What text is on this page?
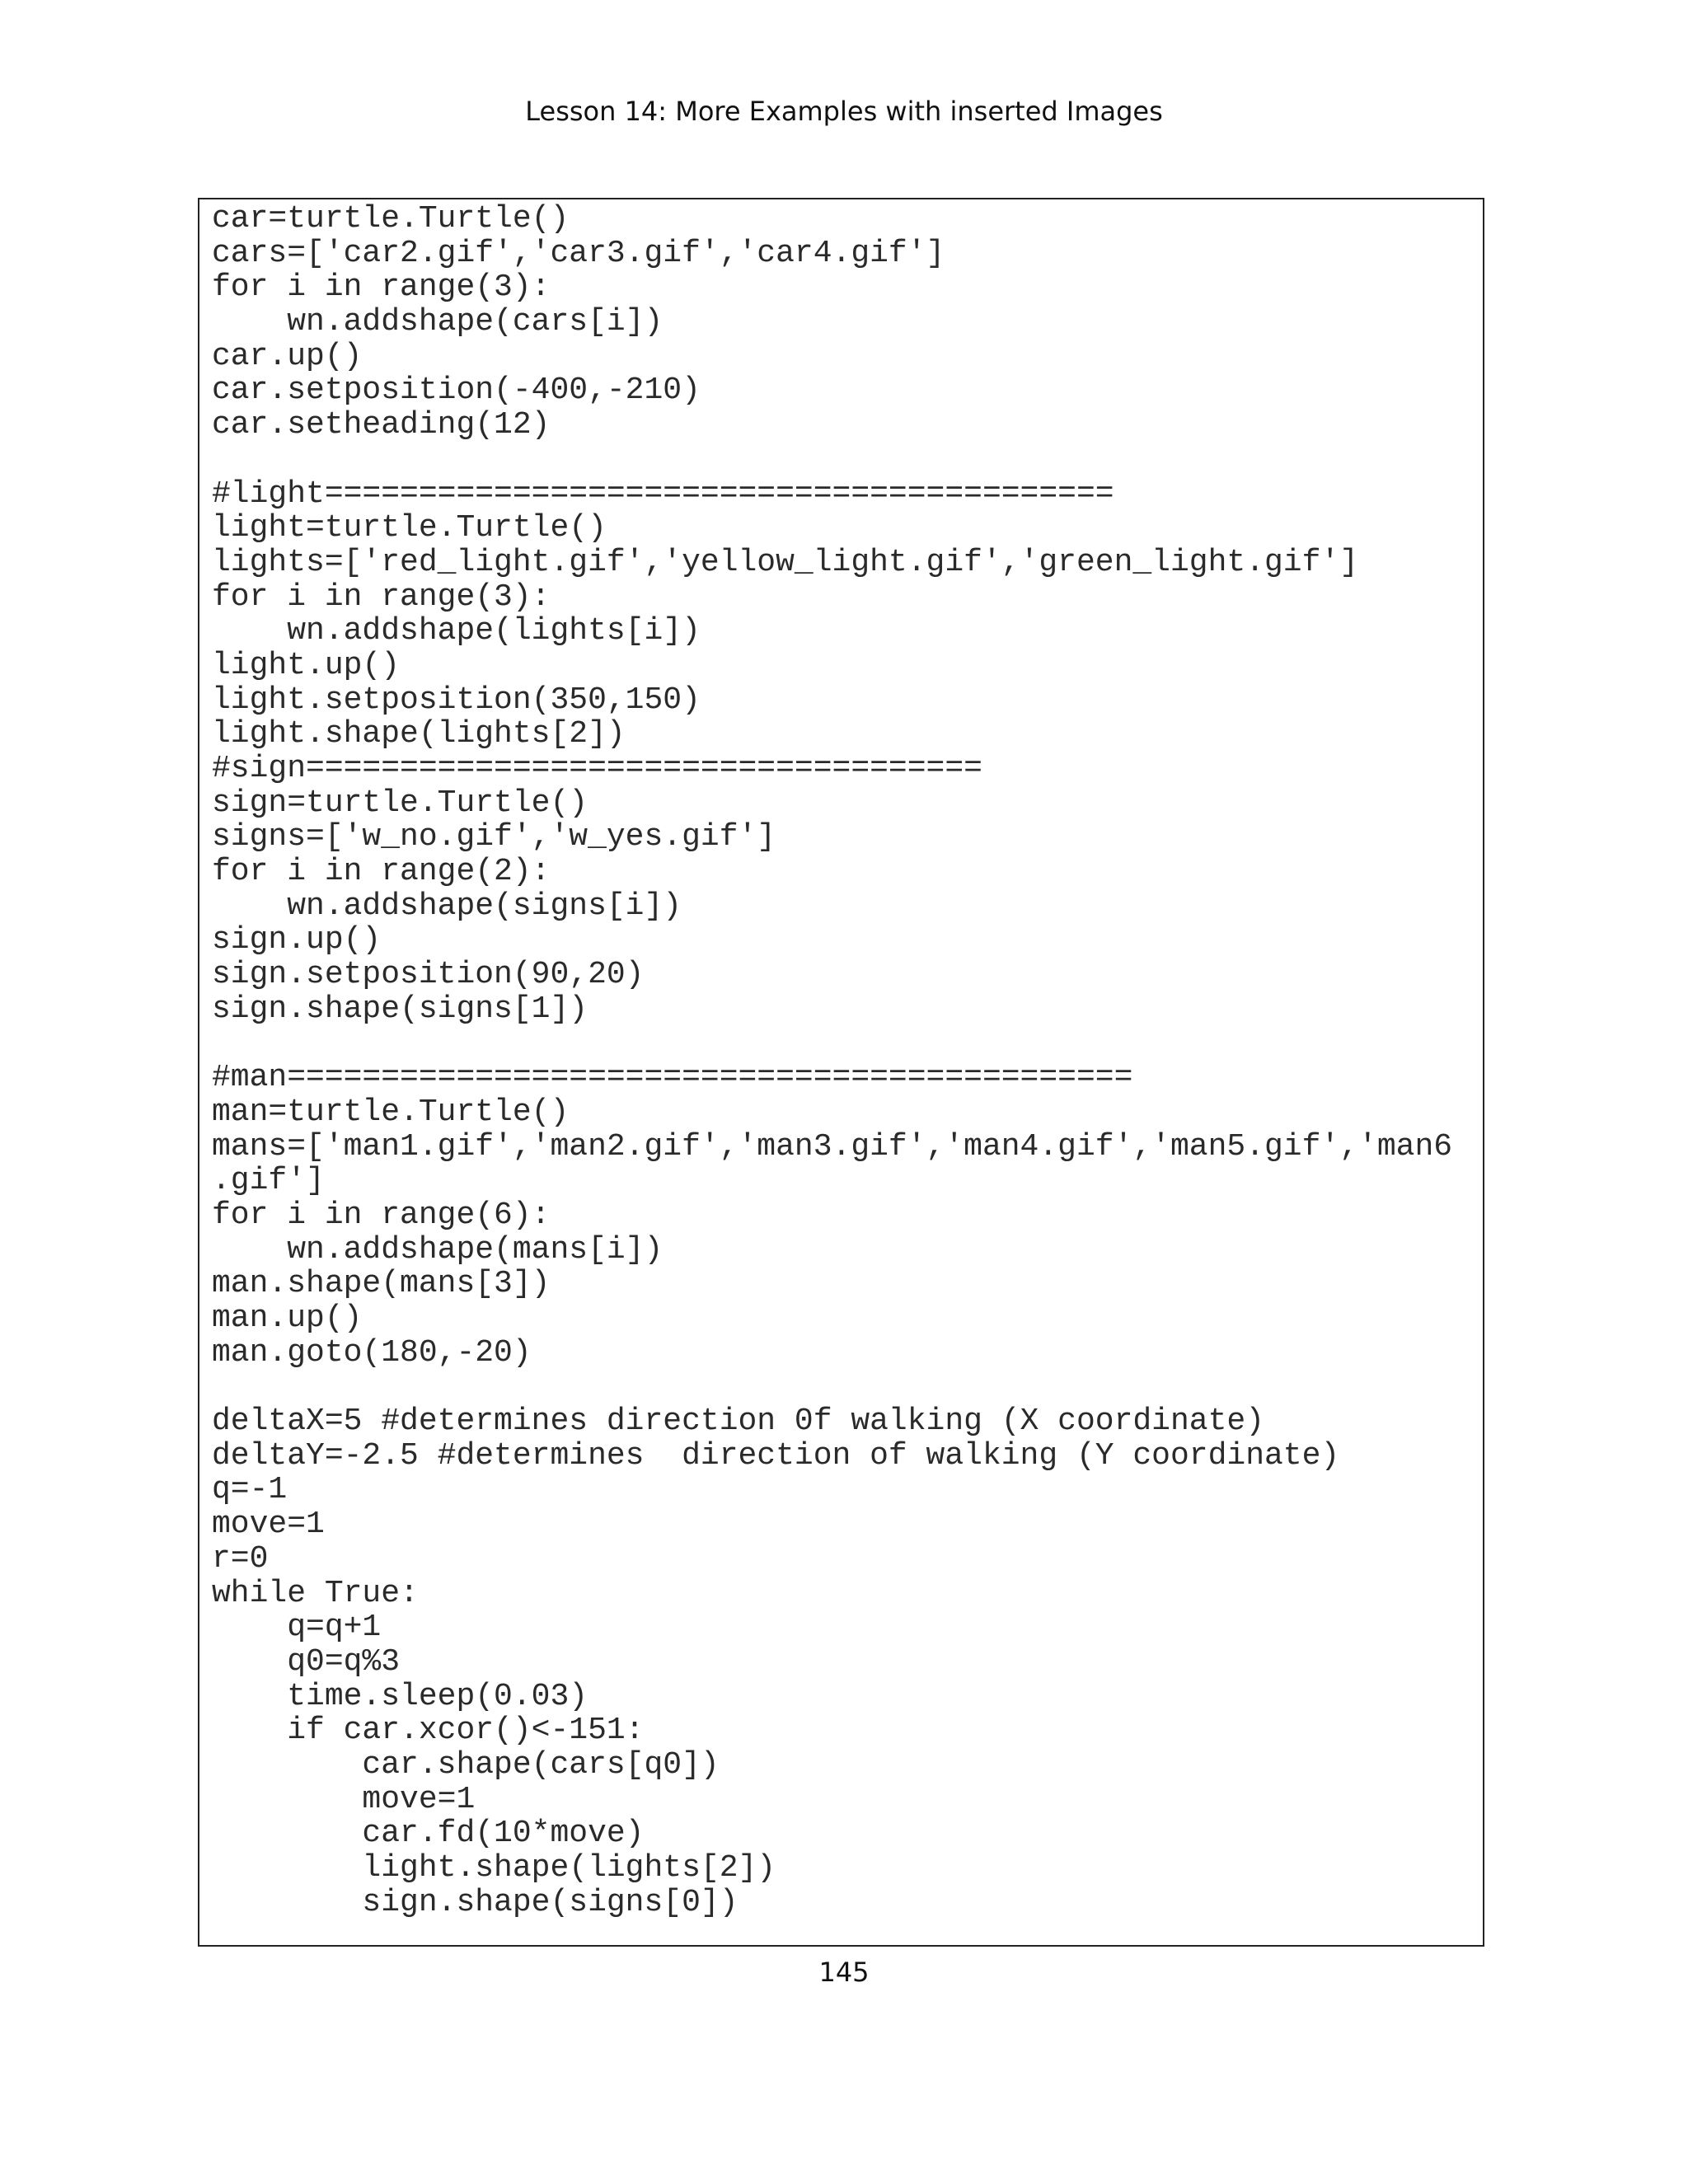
Lesson 14: More Examples with inserted Images
car=turtle.Turtle()
cars=['car2.gif','car3.gif','car4.gif']
for i in range(3):
wn.addshape(cars[i])
car.up()
car.setposition(-400,-210)
car.setheading(12)
#light==========================================
light=turtle.Turtle()
lights=['red_light.gif','yellow_light.gif','green_light.gif']
for i in range(3):
wn.addshape(lights[i])
light.up()
light.setposition(350,150)
light.shape(lights[2])
#sign====================================
sign=turtle.Turtle()
signs=['w_no.gif','w_yes.gif']
for i in range(2):
wn.addshape(signs[i])
sign.up()
sign.setposition(90,20)
sign.shape(signs[1])
#man=============================================
man=turtle.Turtle()
mans=['man1.gif','man2.gif','man3.gif','man4.gif','man5.gif','man6
.gif']
for i in range(6):
wn.addshape(mans[i])
man.shape(mans[3])
man.up()
man.goto(180,-20)
deltaX=5 #determines direction 0f walking (X coordinate)
deltaY=-2.5 #determines  direction of walking (Y coordinate)
q=-1
move=1
r=0
while True:
q=q+1
q0=q%3
time.sleep(0.03)
if car.xcor()<-151:
car.shape(cars[q0])
move=1
car.fd(10*move)
light.shape(lights[2])
sign.shape(signs[0])
145
